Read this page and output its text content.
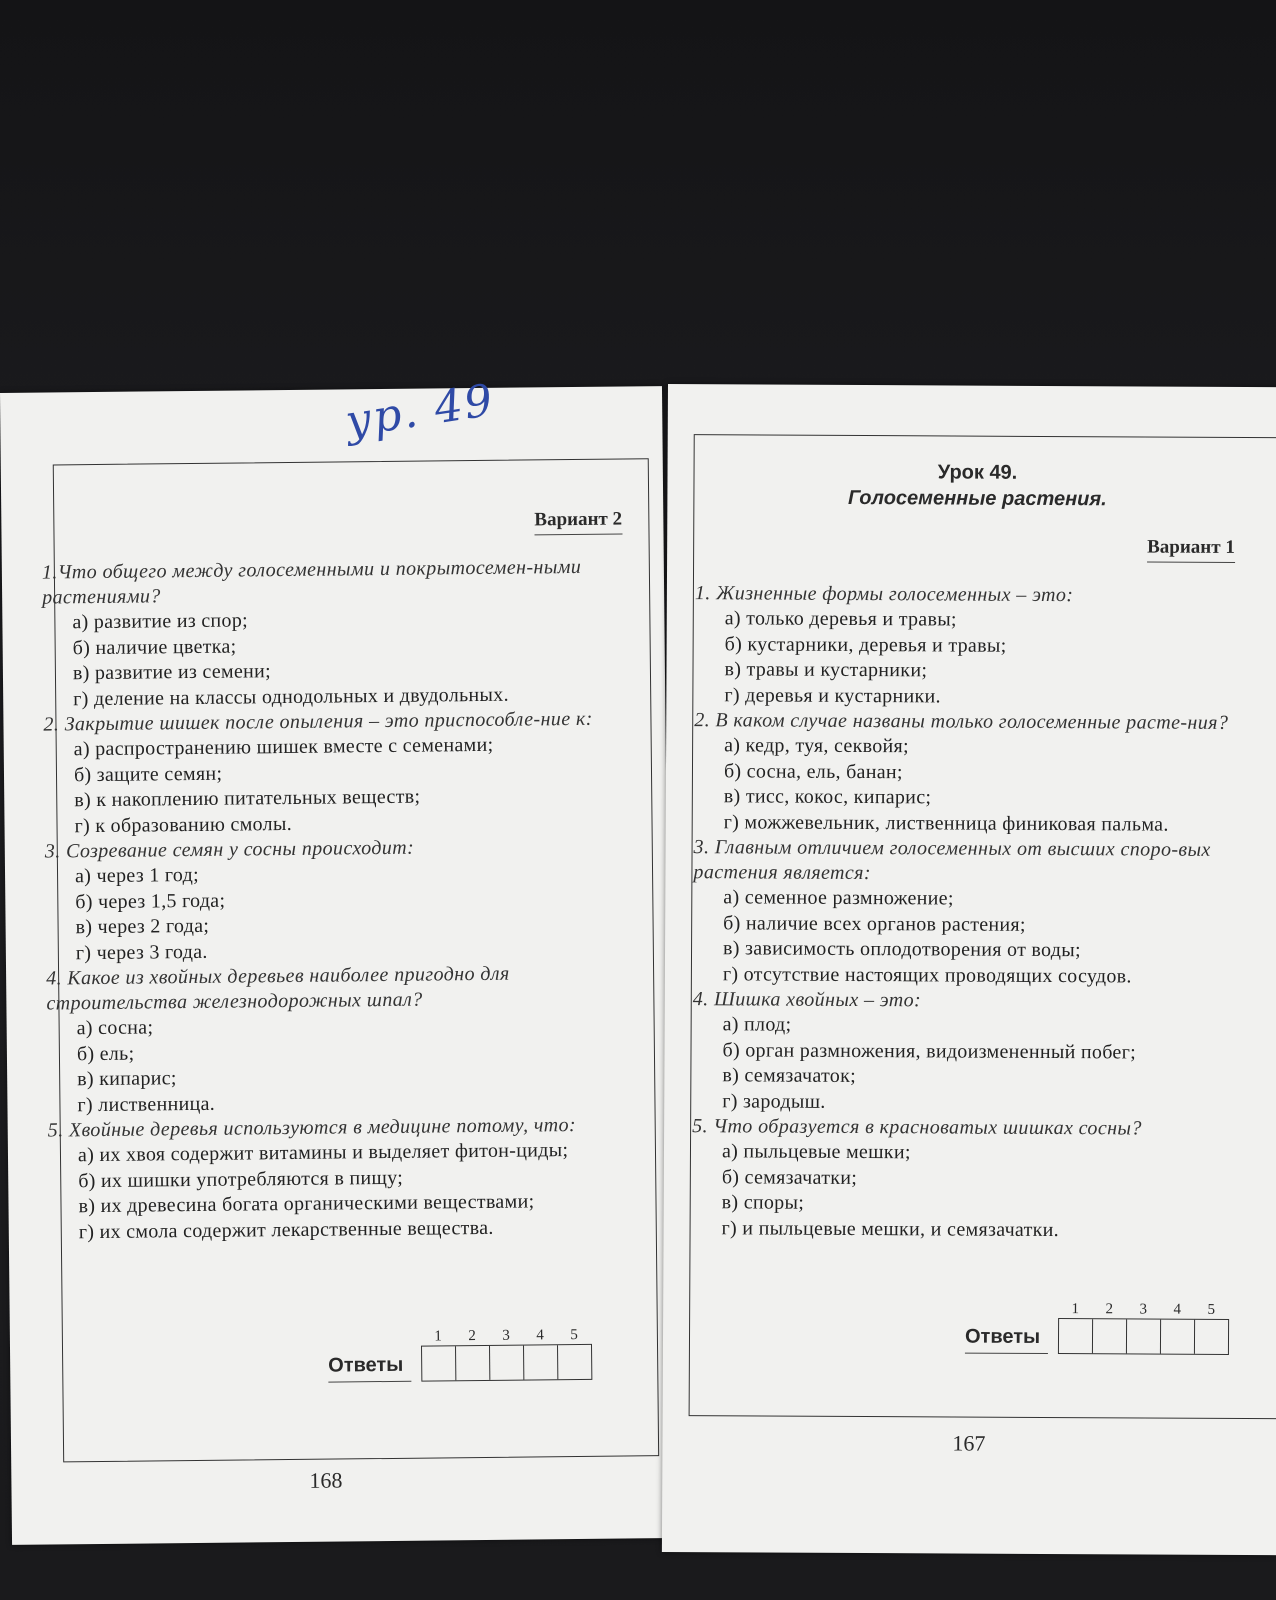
ур. 49
Вариант 2
1.Что общего между голосеменными и покрытосемен-ными растениями?
а) развитие из спор;
б) наличие цветка;
в) развитие из семени;
г) деление на классы однодольных и двудольных.
2. Закрытие шишек после опыления – это приспособле-ние к:
а) распространению шишек вместе с семенами;
б) защите семян;
в) к накоплению питательных веществ;
г) к образованию смолы.
3. Созревание семян у сосны происходит:
а) через 1 год;
б) через 1,5 года;
в) через 2 года;
г) через 3 года.
4. Какое из хвойных деревьев наиболее пригодно для строительства железнодорожных шпал?
а) сосна;
б) ель;
в) кипарис;
г) лиственница.
5. Хвойные деревья используются в медицине потому, что:
а) их хвоя содержит витамины и выделяет фитон-циды;
б) их шишки употребляются в пищу;
в) их древесина богата органическими веществами;
г) их смола содержит лекарственные вещества.
Ответы
1	2	3	4	5
168
Урок 49.
Голосеменные растения.
Вариант 1
1. Жизненные формы голосеменных – это:
а) только деревья и травы;
б) кустарники, деревья и травы;
в) травы и кустарники;
г) деревья и кустарники.
2. В каком случае названы только голосеменные расте-ния?
а) кедр, туя, секвойя;
б) сосна, ель, банан;
в) тисс, кокос, кипарис;
г) можжевельник, лиственница финиковая пальма.
3. Главным отличием голосеменных от высших споро-вых растения является:
а) семенное размножение;
б) наличие всех органов растения;
в) зависимость оплодотворения от воды;
г) отсутствие настоящих проводящих сосудов.
4. Шишка хвойных – это:
а) плод;
б) орган размножения, видоизмененный побег;
в) семязачаток;
г) зародыш.
5. Что образуется в красноватых шишках сосны?
а) пыльцевые мешки;
б) семязачатки;
в) споры;
г) и пыльцевые мешки, и семязачатки.
Ответы
1	2	3	4	5
167
